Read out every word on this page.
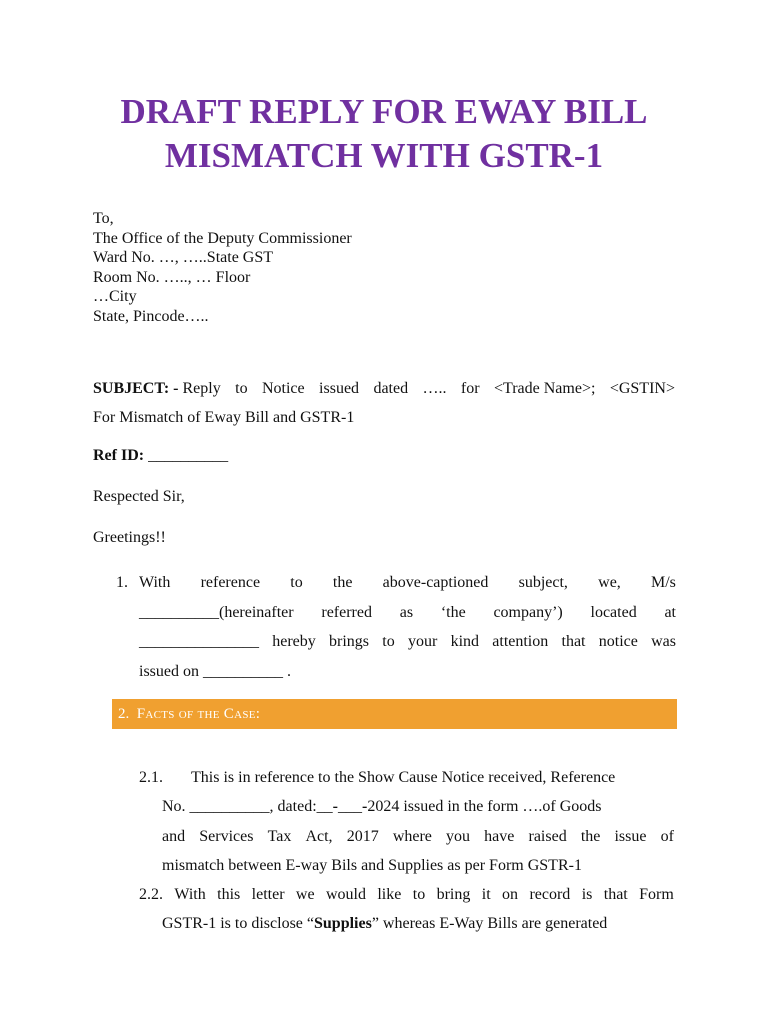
DRAFT REPLY FOR EWAY BILL
MISMATCH WITH GSTR-1
To,
The Office of the Deputy Commissioner
Ward No. …, …..State GST
Room No. ….., … Floor
…City
State, Pincode…..
SUBJECT: - Reply to Notice issued dated ….. for <Trade Name>; <GSTIN>
For Mismatch of Eway Bill and GSTR-1
Ref ID: __________
Respected Sir,
Greetings!!
1. With reference to the above-captioned subject, we, M/s
__________(hereinafter referred as ‘the company’) located at
_______________ hereby brings to your kind attention that notice was
issued on __________ .
2. Facts of the Case:
2.1.	This is in reference to the Show Cause Notice received, Reference
No. __________, dated:__-___-2024 issued in the form ….of Goods
and Services Tax Act, 2017 where you have raised the issue of
mismatch between E-way Bils and Supplies as per Form GSTR-1
2.2. With this letter we would like to bring it on record is that Form
GSTR-1 is to disclose “Supplies” whereas E-Way Bills are generated
